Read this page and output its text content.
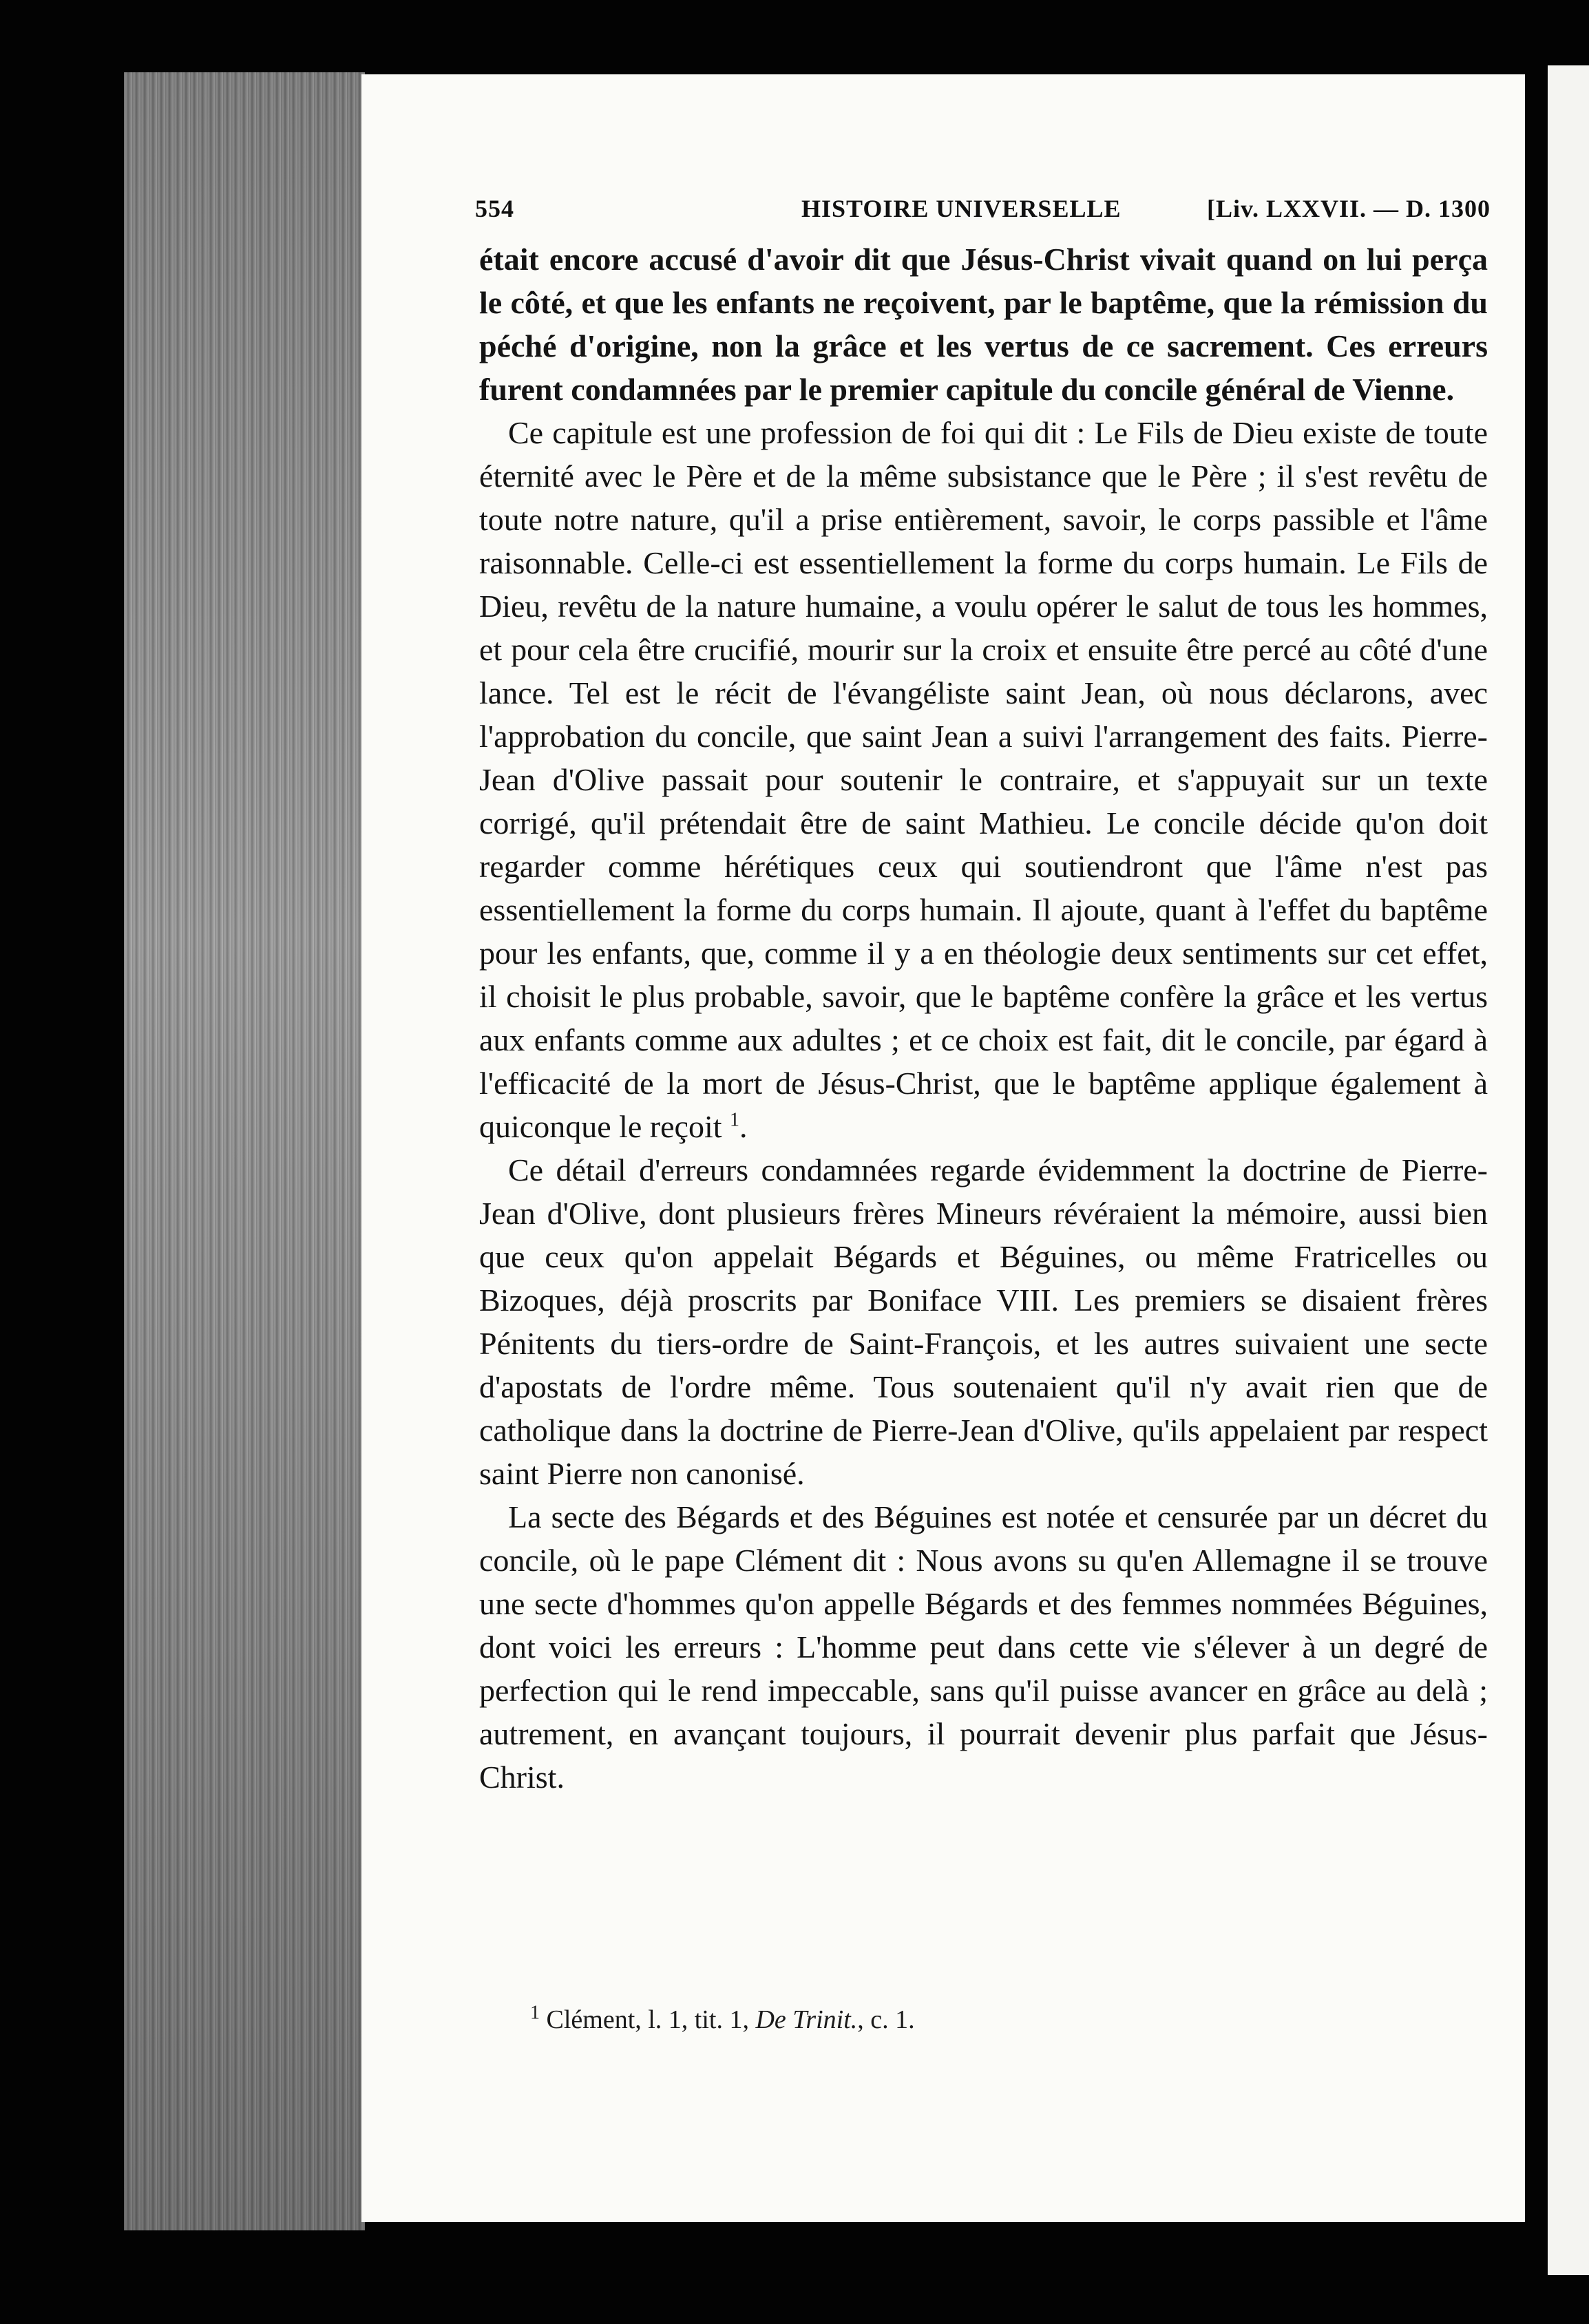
554	HISTOIRE UNIVERSELLE	[Liv. LXXVII. — D. 1300

était encore accusé d'avoir dit que Jésus-Christ vivait quand on lui perça le côté, et que les enfants ne reçoivent, par le baptême, que la rémission du péché d'origine, non la grâce et les vertus de ce sacrement. Ces erreurs furent condamnées par le premier capitule du concile général de Vienne.

Ce capitule est une profession de foi qui dit : Le Fils de Dieu existe de toute éternité avec le Père et de la même subsistance que le Père ; il s'est revêtu de toute notre nature, qu'il a prise entièrement, savoir, le corps passible et l'âme raisonnable. Celle-ci est essentiellement la forme du corps humain. Le Fils de Dieu, revêtu de la nature humaine, a voulu opérer le salut de tous les hommes, et pour cela être crucifié, mourir sur la croix et ensuite être percé au côté d'une lance. Tel est le récit de l'évangéliste saint Jean, où nous déclarons, avec l'approbation du concile, que saint Jean a suivi l'arrangement des faits. Pierre-Jean d'Olive passait pour soutenir le contraire, et s'appuyait sur un texte corrigé, qu'il prétendait être de saint Mathieu. Le concile décide qu'on doit regarder comme hérétiques ceux qui soutiendront que l'âme n'est pas essentiellement la forme du corps humain. Il ajoute, quant à l'effet du baptême pour les enfants, que, comme il y a en théologie deux sentiments sur cet effet, il choisit le plus probable, savoir, que le baptême confère la grâce et les vertus aux enfants comme aux adultes ; et ce choix est fait, dit le concile, par égard à l'efficacité de la mort de Jésus-Christ, que le baptême applique également à quiconque le reçoit $^1$.

Ce détail d'erreurs condamnées regarde évidemment la doctrine de Pierre-Jean d'Olive, dont plusieurs frères Mineurs révéraient la mémoire, aussi bien que ceux qu'on appelait Bégards et Béguines, ou même Fratricelles ou Bizoques, déjà proscrits par Boniface VIII. Les premiers se disaient frères Pénitents du tiers-ordre de Saint-François, et les autres suivaient une secte d'apostats de l'ordre même. Tous soutenaient qu'il n'y avait rien que de catholique dans la doctrine de Pierre-Jean d'Olive, qu'ils appelaient par respect saint Pierre non canonisé.

La secte des Bégards et des Béguines est notée et censurée par un décret du concile, où le pape Clément dit : Nous avons su qu'en Allemagne il se trouve une secte d'hommes qu'on appelle Bégards et des femmes nommées Béguines, dont voici les erreurs : L'homme peut dans cette vie s'élever à un degré de perfection qui le rend impeccable, sans qu'il puisse avancer en grâce au delà ; autrement, en avançant toujours, il pourrait devenir plus parfait que Jésus-Christ.

$^1$ Clément, l. 1, tit. 1, De Trinit., c. 1.
